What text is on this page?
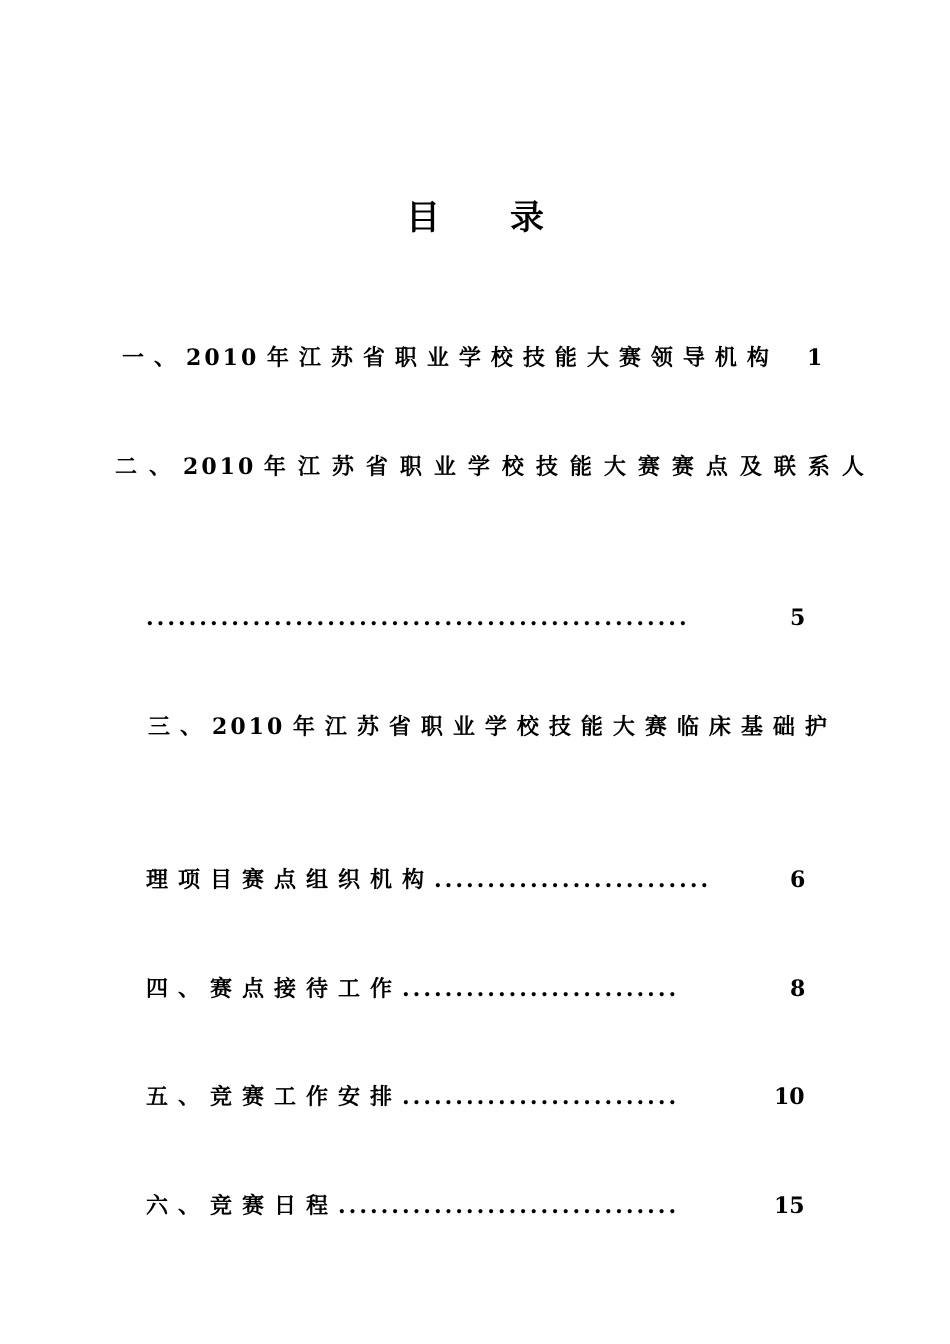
目 录
一、2010 年江苏省职业学校技能大赛领导机构 1
二、2010 年江苏省职业学校技能大赛赛点及联系人
...................................................	5
三、2010 年江苏省职业学校技能大赛临床基础护
理项目赛点组织机构..........................	6
四、赛点接待工作..........................	8
五、竞赛工作安排..........................	10
六、竞赛日程................................	15
